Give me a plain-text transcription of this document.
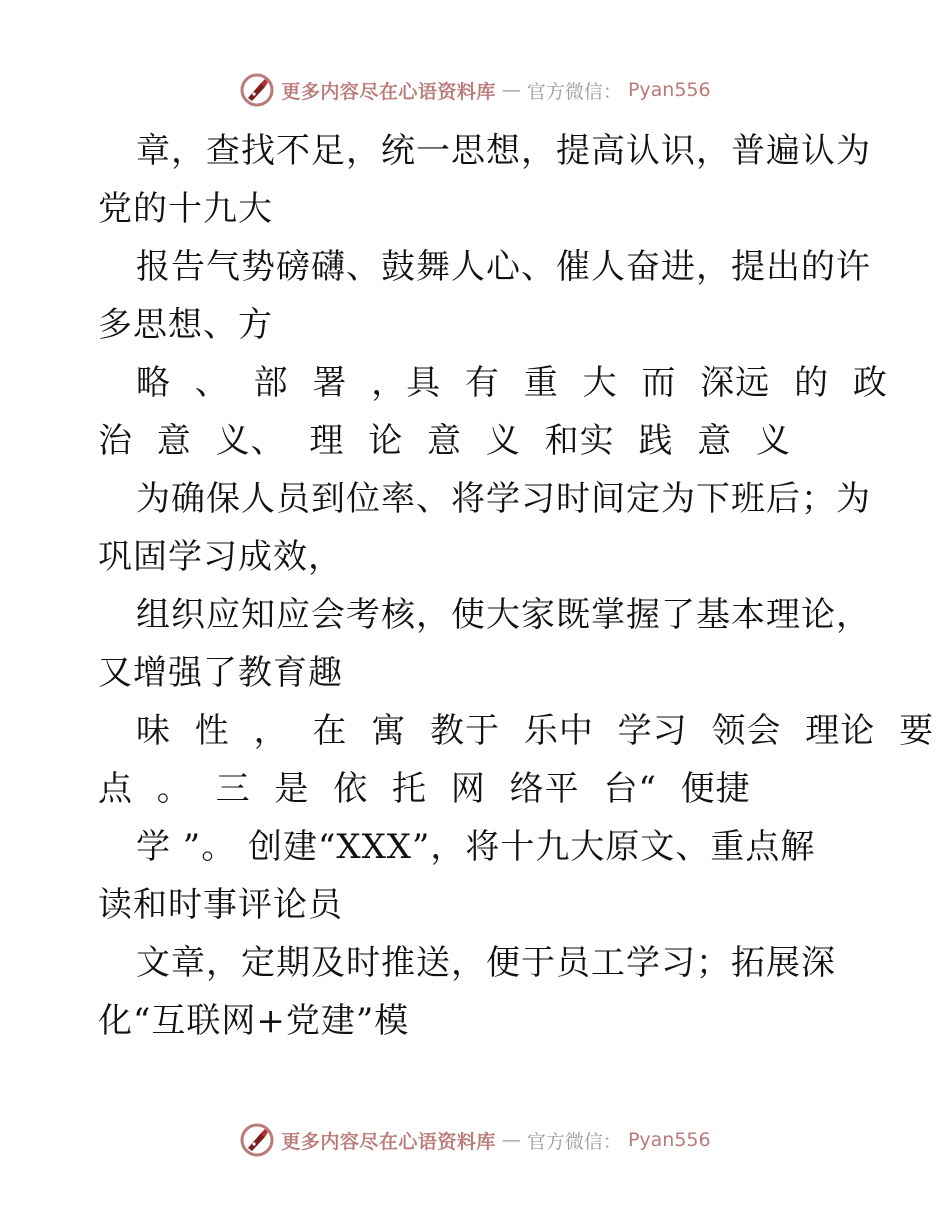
更多内容尽在心语资料库 — 官方微信： Pyan556

章，查找不足，统一思想，提高认识，普遍认为
党的十九大

报告气势磅礴、鼓舞人心、催人奋进，提出的许
多思想、方

略 、 部 署 ，具 有 重 大 而 深远 的 政
治 意 义、 理 论 意 义 和实 践 意 义

为确保人员到位率、将学习时间定为下班后；为
巩固学习成效，

组织应知应会考核，使大家既掌握了基本理论，
又增强了教育趣

味 性 ， 在 寓 教于 乐中 学习 领会 理论 要
点 。 三 是 依 托 网 络平 台“ 便捷

学 ”。 创建“XXX”，将十九大原文、重点解
读和时事评论员

文章，定期及时推送，便于员工学习；拓展深
化“互联网+党建”模

更多内容尽在心语资料库 — 官方微信： Pyan556
